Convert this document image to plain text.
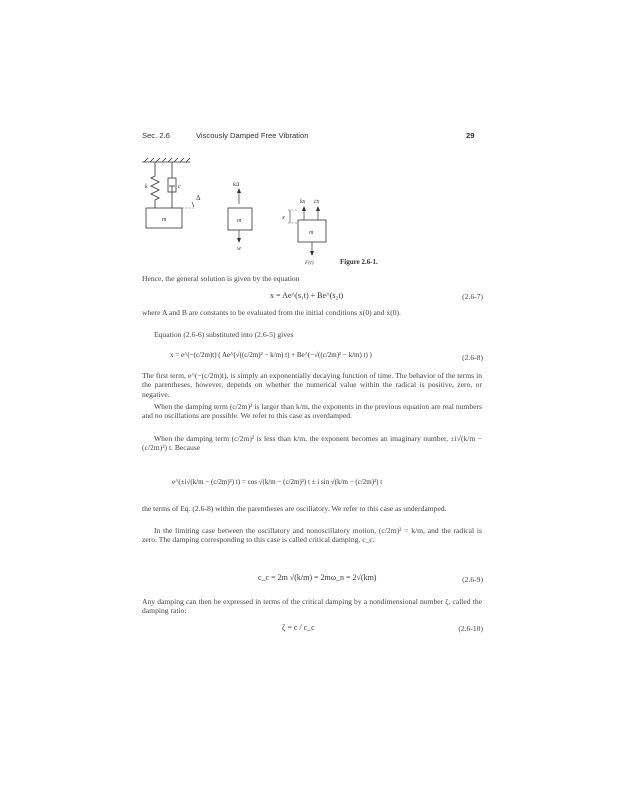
Sec. 2.6	Viscously Damped Free Vibration	29
k	c
m
Δ
kΔ
m
w
kx ċx
x
m
F(t)	Figure 2.6-1.

Hence, the general solution is given by the equation

x = Ae^(s₁t) + Be^(s₂t)	(2.6-7)

where A and B are constants to be evaluated from the initial conditions x(0) and ẋ(0).

Equation (2.6-6) substituted into (2.6-5) gives

x = e^(−(c/2m)t) ( Ae^(√((c/2m)² − k/m) t) + Be^(−√((c/2m)² − k/m) t) )	(2.6-8)

The first term, e^(−(c/2m)t), is simply an exponentially decaying function of time. The behavior of the terms in the parentheses, however, depends on whether the numerical value within the radical is positive, zero, or negative.

When the damping term (c/2m)² is larger than k/m, the exponents in the previous equation are real numbers and no oscillations are possible. We refer to this case as overdamped.

When the damping term (c/2m)² is less than k/m, the exponent becomes an imaginary number, ±i√(k/m − (c/2m)²) t. Because

e^(±i√(k/m − (c/2m)²) t) = cos √(k/m − (c/2m)²) t ± i sin √(k/m − (c/2m)²) t

the terms of Eq. (2.6-8) within the parentheses are oscillatory. We refer to this case as underdamped.

In the limiting case between the oscillatory and nonoscillatory motion, (c/2m)² = k/m, and the radical is zero. The damping corresponding to this case is called critical damping, c_c.

c_c = 2m √(k/m) = 2mω_n = 2√(km)	(2.6-9)

Any damping can then be expressed in terms of the critical damping by a nondimensional number ζ, called the damping ratio:

ζ = c / c_c	(2.6-10)
